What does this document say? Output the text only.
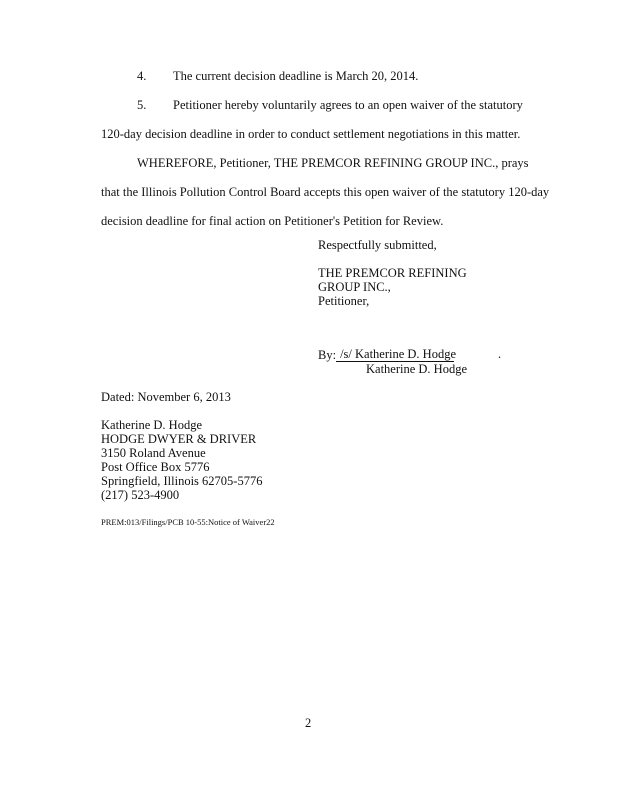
4. The current decision deadline is March 20, 2014.
5. Petitioner hereby voluntarily agrees to an open waiver of the statutory
120-day decision deadline in order to conduct settlement negotiations in this matter.
WHEREFORE, Petitioner, THE PREMCOR REFINING GROUP INC., prays
that the Illinois Pollution Control Board accepts this open waiver of the statutory 120-day
decision deadline for final action on Petitioner's Petition for Review.
Respectfully submitted,
THE PREMCOR REFINING
GROUP INC.,
Petitioner,
By: /s/ Katherine D. Hodge	.
Katherine D. Hodge
Dated: November 6, 2013
Katherine D. Hodge
HODGE DWYER & DRIVER
3150 Roland Avenue
Post Office Box 5776
Springfield, Illinois 62705-5776
(217) 523-4900
PREM:013/Filings/PCB 10-55:Notice of Waiver22
2
